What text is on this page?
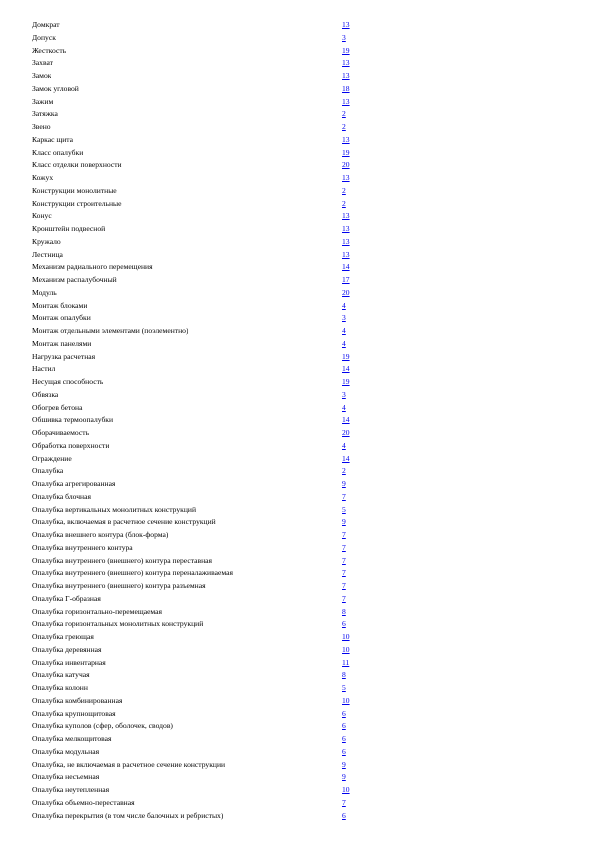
Домкрат	13
Допуск	3
Жесткость	19
Захват	13
Замок	13
Замок угловой	18
Зажим	13
Затяжка	2
Звено	2
Каркас щита	13
Класс опалубки	19
Класс отделки поверхности	20
Кожух	13
Конструкции монолитные	2
Конструкции строительные	2
Конус	13
Кронштейн подвесной	13
Кружало	13
Лестница	13
Механизм радиального перемещения	14
Механизм распалубочный	17
Модуль	20
Монтаж блоками	4
Монтаж опалубки	3
Монтаж отдельными элементами (поэлементно)	4
Монтаж панелями	4
Нагрузка расчетная	19
Настил	14
Несущая способность	19
Обвязка	3
Обогрев бетона	4
Обшивка термоопалубки	14
Оборачиваемость	20
Обработка поверхности	4
Ограждение	14
Опалубка	2
Опалубка агрегированная	9
Опалубка блочная	7
Опалубка вертикальных монолитных конструкций	5
Опалубка, включаемая в расчетное сечение конструкций	9
Опалубка внешнего контура (блок-форма)	7
Опалубка внутреннего контура	7
Опалубка внутреннего (внешнего) контура переставная	7
Опалубка внутреннего (внешнего) контура переналаживаемая	7
Опалубка внутреннего (внешнего) контура разъемная	7
Опалубка Г-образная	7
Опалубка горизонтально-перемещаемая	8
Опалубка горизонтальных монолитных конструкций	6
Опалубка греющая	10
Опалубка деревянная	10
Опалубка инвентарная	11
Опалубка катучая	8
Опалубка колонн	5
Опалубка комбинированная	10
Опалубка крупнощитовая	6
Опалубка куполов (сфер, оболочек, сводов)	6
Опалубка мелкощитовая	6
Опалубка модульная	6
Опалубка, не включаемая в расчетное сечение конструкции	9
Опалубка несъемная	9
Опалубка неутепленная	10
Опалубка объемно-переставная	7
Опалубка перекрытия (в том числе балочных и ребристых)	6
